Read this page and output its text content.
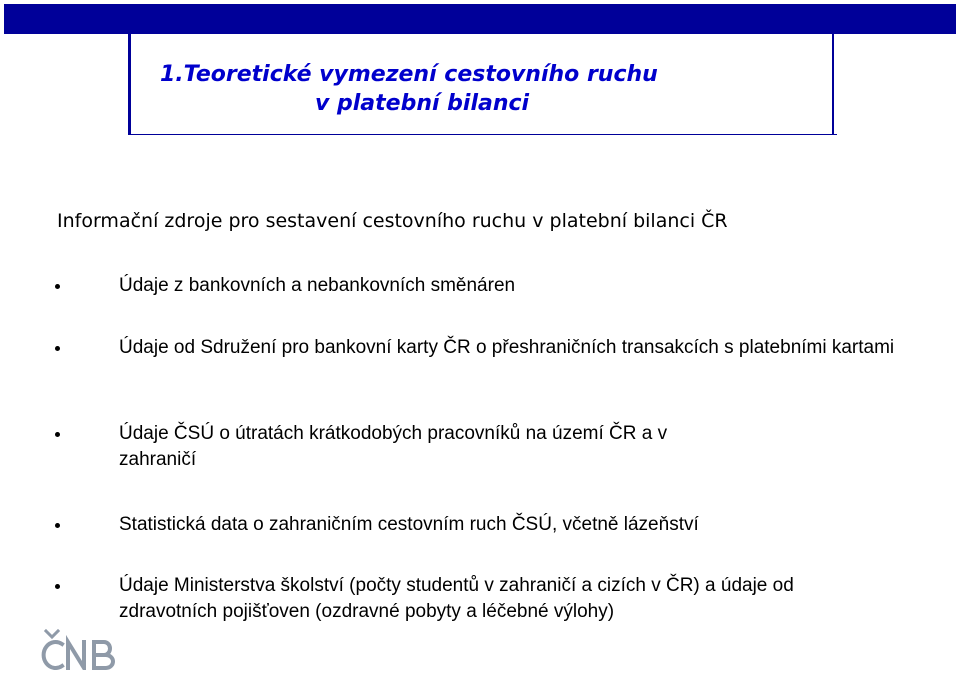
1.Teoretické vymezení cestovního ruchu
v platební bilanci
Informační zdroje pro sestavení cestovního ruchu v platební bilanci ČR
Údaje z bankovních a nebankovních směnáren
Údaje od Sdružení pro bankovní karty ČR o přeshraničních transakcích s platebními kartami
Údaje ČSÚ o útratách krátkodobých pracovníků na území ČR a v zahraničí
Statistická data o zahraničním cestovním ruch ČSÚ, včetně lázeňství
Údaje Ministerstva školství (počty studentů v zahraničí a cizích v ČR) a údaje od zdravotních pojišťoven (ozdravné pobyty a léčebné výlohy)
